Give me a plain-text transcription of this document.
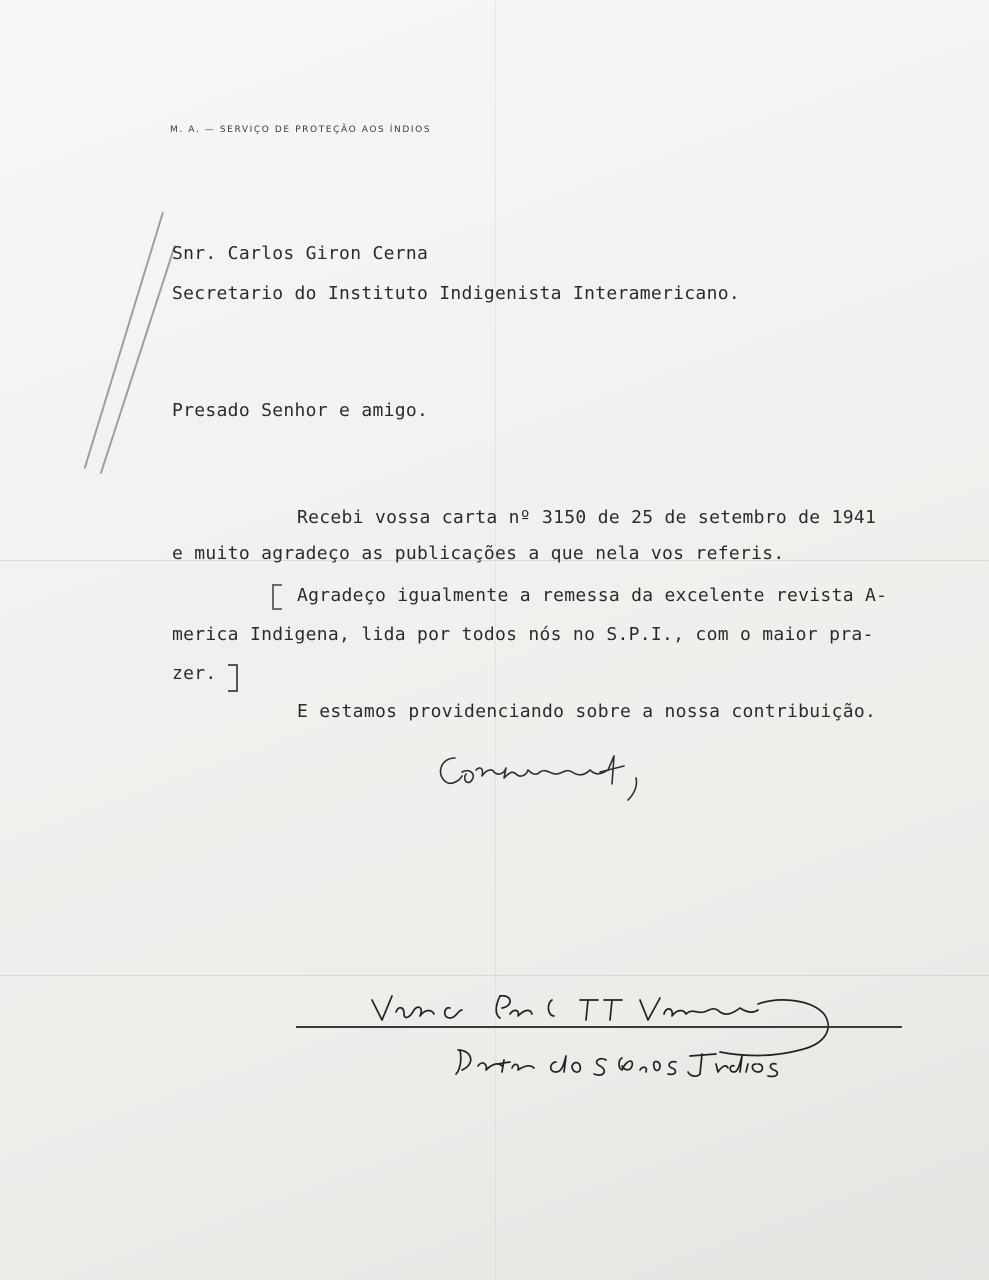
M. A. — SERVIÇO DE PROTEÇÃO AOS ÍNDIOS
Snr. Carlos Giron Cerna
Secretario do Instituto Indigenista Interamericano.
Presado Senhor e amigo.
Recebi vossa carta nº 3150 de 25 de setembro de 1941
e muito agradeço as publicações a que nela vos referis.
Agradeço igualmente a remessa da excelente revista A-
merica Indigena, lida por todos nós no S.P.I., com o maior pra-
zer.
E estamos providenciando sobre a nossa contribuição.
